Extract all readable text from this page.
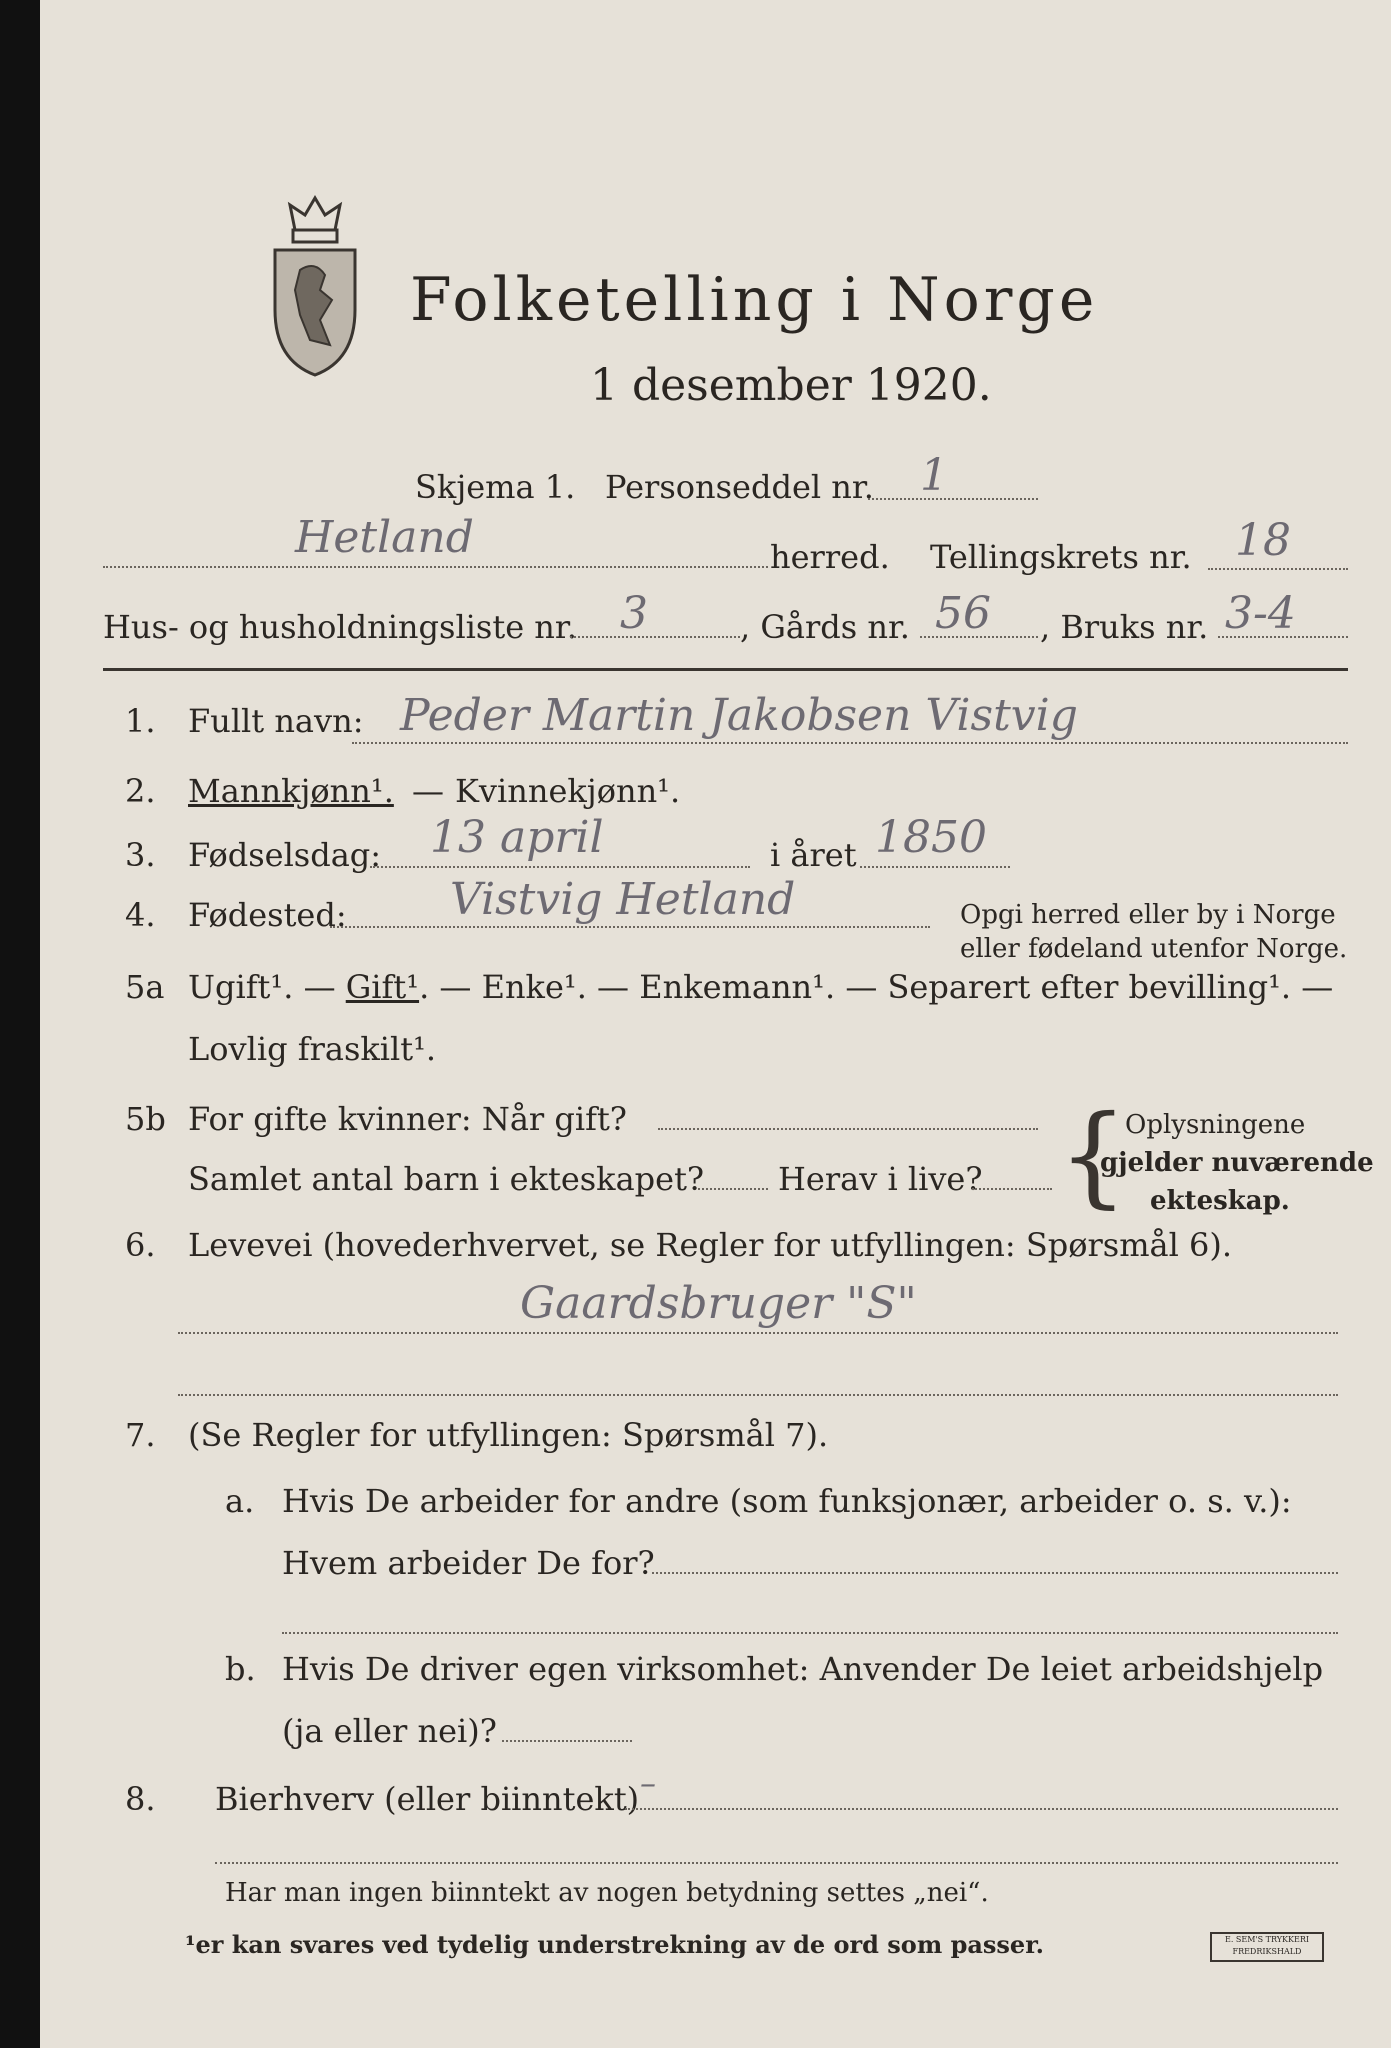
Folketelling i Norge
1 desember 1920.
Skjema 1. Personseddel nr. 1
Hetland	herred. Tellingskrets nr. 18
Hus- og husholdningsliste nr. 3	, Gårds nr. 56 , Bruks nr. 3-4
1. Fullt navn: Peder Martin Jakobsen Vistvig
2. Mannkjønn¹. — Kvinnekjønn¹.
3. Fødselsdag: 13 april	i året 1850
4. Fødested: Vistvig Hetland	Opgi herred eller by i Norge
eller fødeland utenfor Norge.
5a Ugift¹. — Gift¹. — Enke¹. — Enkemann¹. — Separert efter bevilling¹. —
Lovlig fraskilt¹.
5b For gifte kvinner: Når gift?
Samlet antal barn i ekteskapet? Herav i live? {
Oplysningene
gjelder nuværende
ekteskap.
6. Levevei (hovederhvervet, se Regler for utfyllingen: Spørsmål 6).
Gaardsbruger "S"
7. (Se Regler for utfyllingen: Spørsmål 7).
a. Hvis De arbeider for andre (som funksjonær, arbeider o. s. v.):
Hvem arbeider De for?
b. Hvis De driver egen virksomhet: Anvender De leiet arbeidshjelp
(ja eller nei)?
8. Bierhverv (eller biinntekt) –
Har man ingen biinntekt av nogen betydning settes „nei“.
¹er kan svares ved tydelig understrekning av de ord som passer.	E. SEM'S TRYKKERI FREDRIKSHALD
